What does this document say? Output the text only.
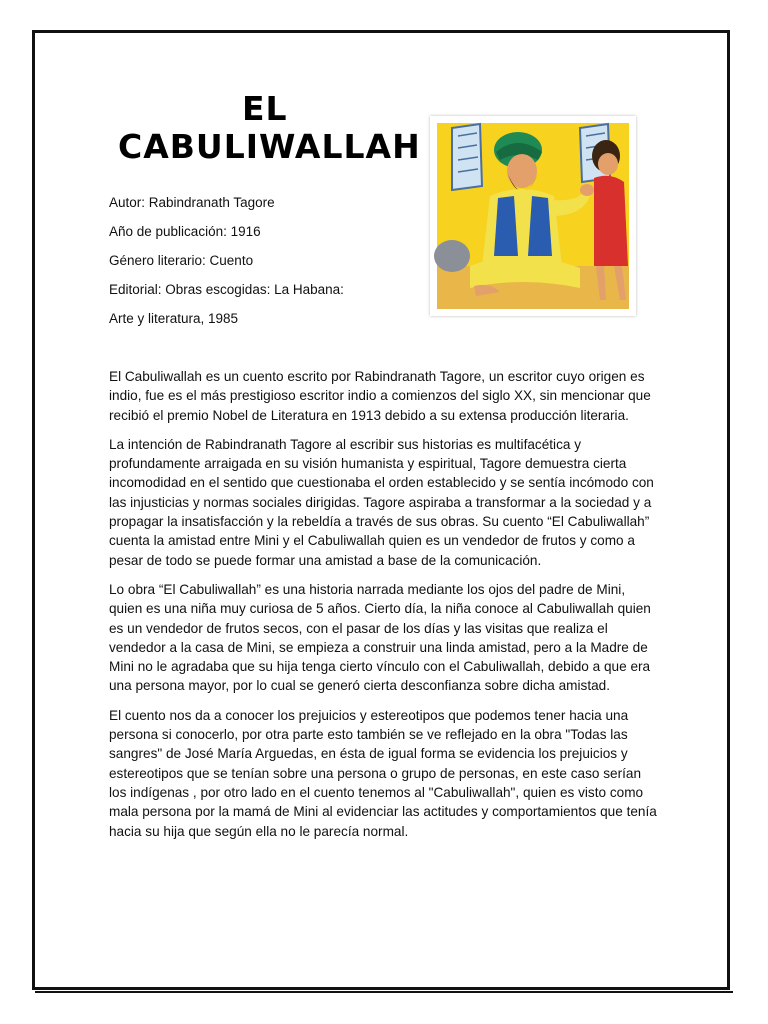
EL
CABULIWALLAH
Autor: Rabindranath Tagore
Año de publicación: 1916
Género literario: Cuento
Editorial: Obras escogidas: La Habana:
Arte y literatura, 1985

El Cabuliwallah es un cuento escrito por Rabindranath Tagore, un escritor cuyo origen es indio, fue es el más prestigioso escritor indio a comienzos del siglo XX, sin mencionar que recibió el premio Nobel de Literatura en 1913 debido a su extensa producción literaria.

La intención de Rabindranath Tagore al escribir sus historias es multifacética y profundamente arraigada en su visión humanista y espiritual, Tagore demuestra cierta incomodidad en el sentido que cuestionaba el orden establecido y se sentía incómodo con las injusticias y normas sociales dirigidas. Tagore aspiraba a transformar a la sociedad y a propagar la insatisfacción y la rebeldía a través de sus obras. Su cuento “El Cabuliwallah” cuenta la amistad entre Mini y el Cabuliwallah quien es un vendedor de frutos y como a pesar de todo se puede formar una amistad a base de la comunicación.

Lo obra “El Cabuliwallah” es una historia narrada mediante los ojos del padre de Mini, quien es una niña muy curiosa de 5 años. Cierto día, la niña conoce al Cabuliwallah quien es un vendedor de frutos secos, con el pasar de los días y las visitas que realiza el vendedor a la casa de Mini, se empieza a construir una linda amistad, pero a la Madre de Mini no le agradaba que su hija tenga cierto vínculo con el Cabuliwallah, debido a que era una persona mayor, por lo cual se generó cierta desconfianza sobre dicha amistad.

El cuento nos da a conocer los prejuicios y estereotipos que podemos tener hacia una persona si conocerlo, por otra parte esto también se ve reflejado en la obra "Todas las sangres" de José María Arguedas, en ésta de igual forma se evidencia los prejuicios y estereotipos que se tenían sobre una persona o grupo de personas, en este caso serían los indígenas , por otro lado en el cuento tenemos al "Cabuliwallah", quien es visto como mala persona por la mamá de Mini al evidenciar las actitudes y comportamientos que tenía hacia su hija que según ella no le parecía normal.
